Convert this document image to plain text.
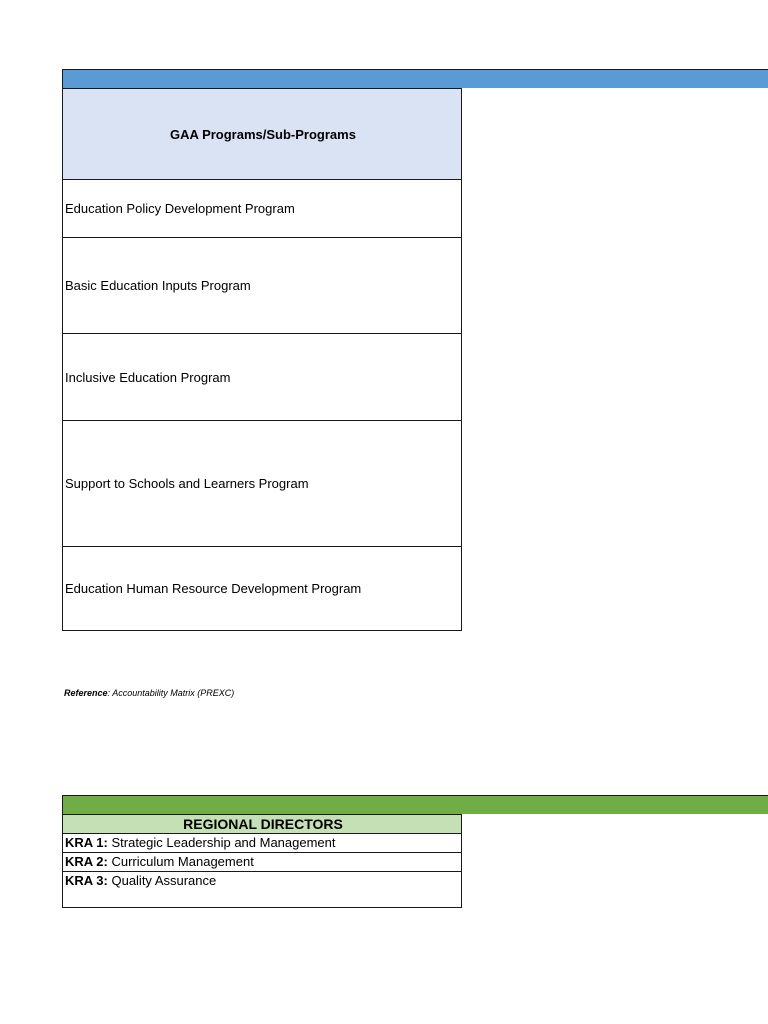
GAA Programs/Sub-Programs
Education Policy Development Program
Basic Education Inputs Program
Inclusive Education Program
Support to Schools and Learners Program
Education Human Resource Development Program
Reference: Accountability Matrix (PREXC)
REGIONAL DIRECTORS
KRA 1: Strategic Leadership and Management
KRA 2: Curriculum Management
KRA 3: Quality Assurance
